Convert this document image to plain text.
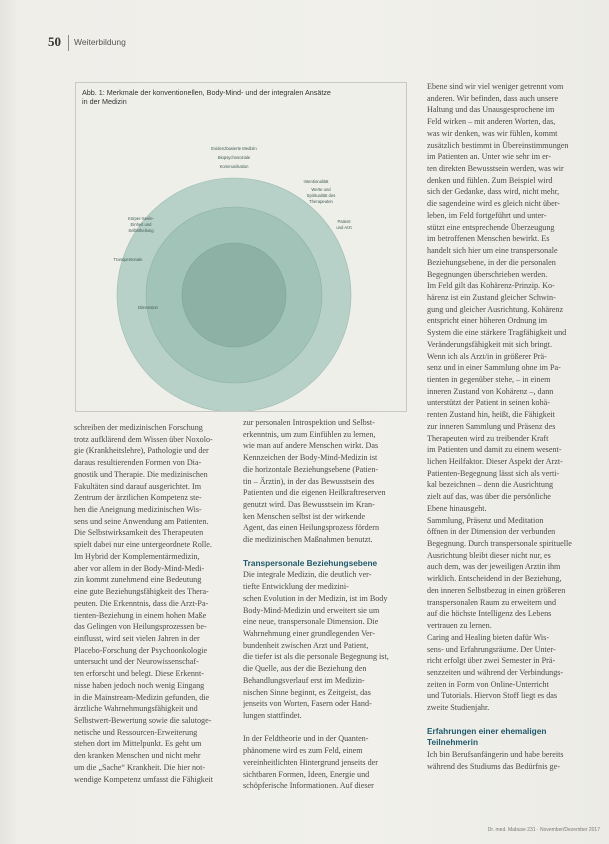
50 Weiterbildung
Abb. 1: Merkmale der konventionellen, Body-Mind- und der integralen Ansätze
in der Medizin
Evidenzbasierte Medizin
Biopsychosoziale
Kommunikation
Intentionalität
Werte und
Spiritualität des
Therapeuten
Körper-Seele-
Einheit und
Selbstheilung
Patient
und Arzt
Transpersonale
Dimension
schreiben der medizinischen Forschung
trotz aufklärend dem Wissen über Noxolo-
gie (Krankheitslehre), Pathologie und der
daraus resultierenden Formen von Dia-
gnostik und Therapie. Die medizinischen
Fakultäten sind darauf ausgerichtet. Im
Zentrum der ärztlichen Kompetenz ste-
hen die Aneignung medizinischen Wis-
sens und seine Anwendung am Patienten.
Die Selbstwirksamkeit des Therapeuten
spielt dabei nur eine untergeordnete Rolle.
Im Hybrid der Komplementärmedizin,
aber vor allem in der Body-Mind-Medi-
zin kommt zunehmend eine Bedeutung
eine gute Beziehungsfähigkeit des Thera-
peuten. Die Erkenntnis, dass die Arzt-Pa-
tienten-Beziehung in einem hohen Maße
das Gelingen von Heilungsprozessen be-
einflusst, wird seit vielen Jahren in der
Placebo-Forschung der Psychoonkologie
untersucht und der Neurowissenschaf-
ten erforscht und belegt. Diese Erkennt-
nisse haben jedoch noch wenig Eingang
in die Mainstream-Medizin gefunden, die
ärztliche Wahrnehmungsfähigkeit und
Selbstwert-Bewertung sowie die salutoge-
netische und Ressourcen-Erweiterung
stehen dort im Mittelpunkt. Es geht um
den kranken Menschen und nicht mehr
um die „Sache“ Krankheit. Die hier not-
wendige Kompetenz umfasst die Fähigkeit
zur personalen Introspektion und Selbst-
erkenntnis, um zum Einfühlen zu lernen,
wie man auf andere Menschen wirkt. Das
Kennzeichen der Body-Mind-Medizin ist
die horizontale Beziehungsebene (Patien-
tin – Ärztin), in der das Bewusstsein des
Patienten und die eigenen Heilkraftreserven
genutzt wird. Das Bewusstsein im Kran-
ken Menschen selbst ist der wirkende
Agent, das einen Heilungsprozess fördern
die medizinischen Maßnahmen benutzt.
Transpersonale Beziehungsebene
Die integrale Medizin, die deutlich ver-
tiefte Entwicklung der medizini-
schen Evolution in der Medizin, ist im Body
Body-Mind-Medizin und erweitert sie um
eine neue, transpersonale Dimension. Die
Wahrnehmung einer grundlegenden Ver-
bundenheit zwischen Arzt und Patient,
die tiefer ist als die personale Begegnung ist,
die Quelle, aus der die Beziehung den
Behandlungsverlauf erst im Medizin-
nischen Sinne beginnt, es Zeitgeist, das
jenseits von Worten, Fasern oder Hand-
lungen stattfindet.
In der Feldtheorie und in der Quanten-
phänomene wird es zum Feld, einem
vereinheitlichten Hintergrund jenseits der
sichtbaren Formen, Ideen, Energie und
schöpferische Informationen. Auf dieser
Ebene sind wir viel weniger getrennt vom
anderen. Wir befinden, dass auch unsere
Haltung und das Unausgesprochene im
Feld wirken – mit anderen Worten, das,
was wir denken, was wir fühlen, kommt
zusätzlich bestimmt in Übereinstimmungen
im Patienten an. Unter wie sehr im er-
ten direkten Bewusstsein werden, was wir
denken und fühlen. Zum Beispiel wird
sich der Gedanke, dass wird, nicht mehr,
die sagendeine wird es gleich nicht über-
leben, im Feld fortgeführt und unter-
stützt eine entsprechende Überzeugung
im betroffenen Menschen bewirkt. Es
handelt sich hier um eine transpersonale
Beziehungsebene, in der die personalen
Begegnungen überschrieben werden.
Im Feld gilt das Kohärenz-Prinzip. Ko-
härenz ist ein Zustand gleicher Schwin-
gung und gleicher Ausrichtung. Kohärenz
entspricht einer höheren Ordnung im
System die eine stärkere Tragfähigkeit und
Veränderungsfähigkeit mit sich bringt.
Wenn ich als Arzt/in in größerer Prä-
senz und in einer Sammlung ohne im Pa-
tienten in gegenüber stehe, – in einem
inneren Zustand von Kohärenz –, dann
unterstützt der Patient in seinen kohä-
renten Zustand hin, heißt, die Fähigkeit
zur inneren Sammlung und Präsenz des
Therapeuten wird zu treibender Kraft
im Patienten und damit zu einem wesent-
lichen Heilfaktor. Dieser Aspekt der Arzt-
Patienten-Begegnung lässt sich als verti-
kal bezeichnen – denn die Ausrichtung
zielt auf das, was über die persönliche
Ebene hinausgeht.
Sammlung, Präsenz und Meditation
öffnen in der Dimension der verbunden
Begegnung. Durch transpersonale spirituelle
Ausrichtung bleibt dieser nicht nur, es
auch dem, was der jeweiligen Arztin ihm
wirklich. Entscheidend in der Beziehung,
den inneren Selbstbezug in einen größeren
transpersonalen Raum zu erweitern und
auf die höchste Intelligenz des Lebens
vertrauen zu lernen.
Caring and Healing bieten dafür Wis-
sens- und Erfahrungsräume. Der Unter-
richt erfolgt über zwei Semester in Prä-
senzzeiten und während der Verbindungs-
zeiten in Form von Online-Unterricht
und Tutorials. Hiervon Stoff liegt es das
zweite Studienjahr.
Erfahrungen einer ehemaligen
Teilnehmerin
Ich bin Berufsanfängerin und habe bereits
während des Studiums das Bedürfnis ge-
Dr. med. Mabuse 231 · November/Dezember 2017
